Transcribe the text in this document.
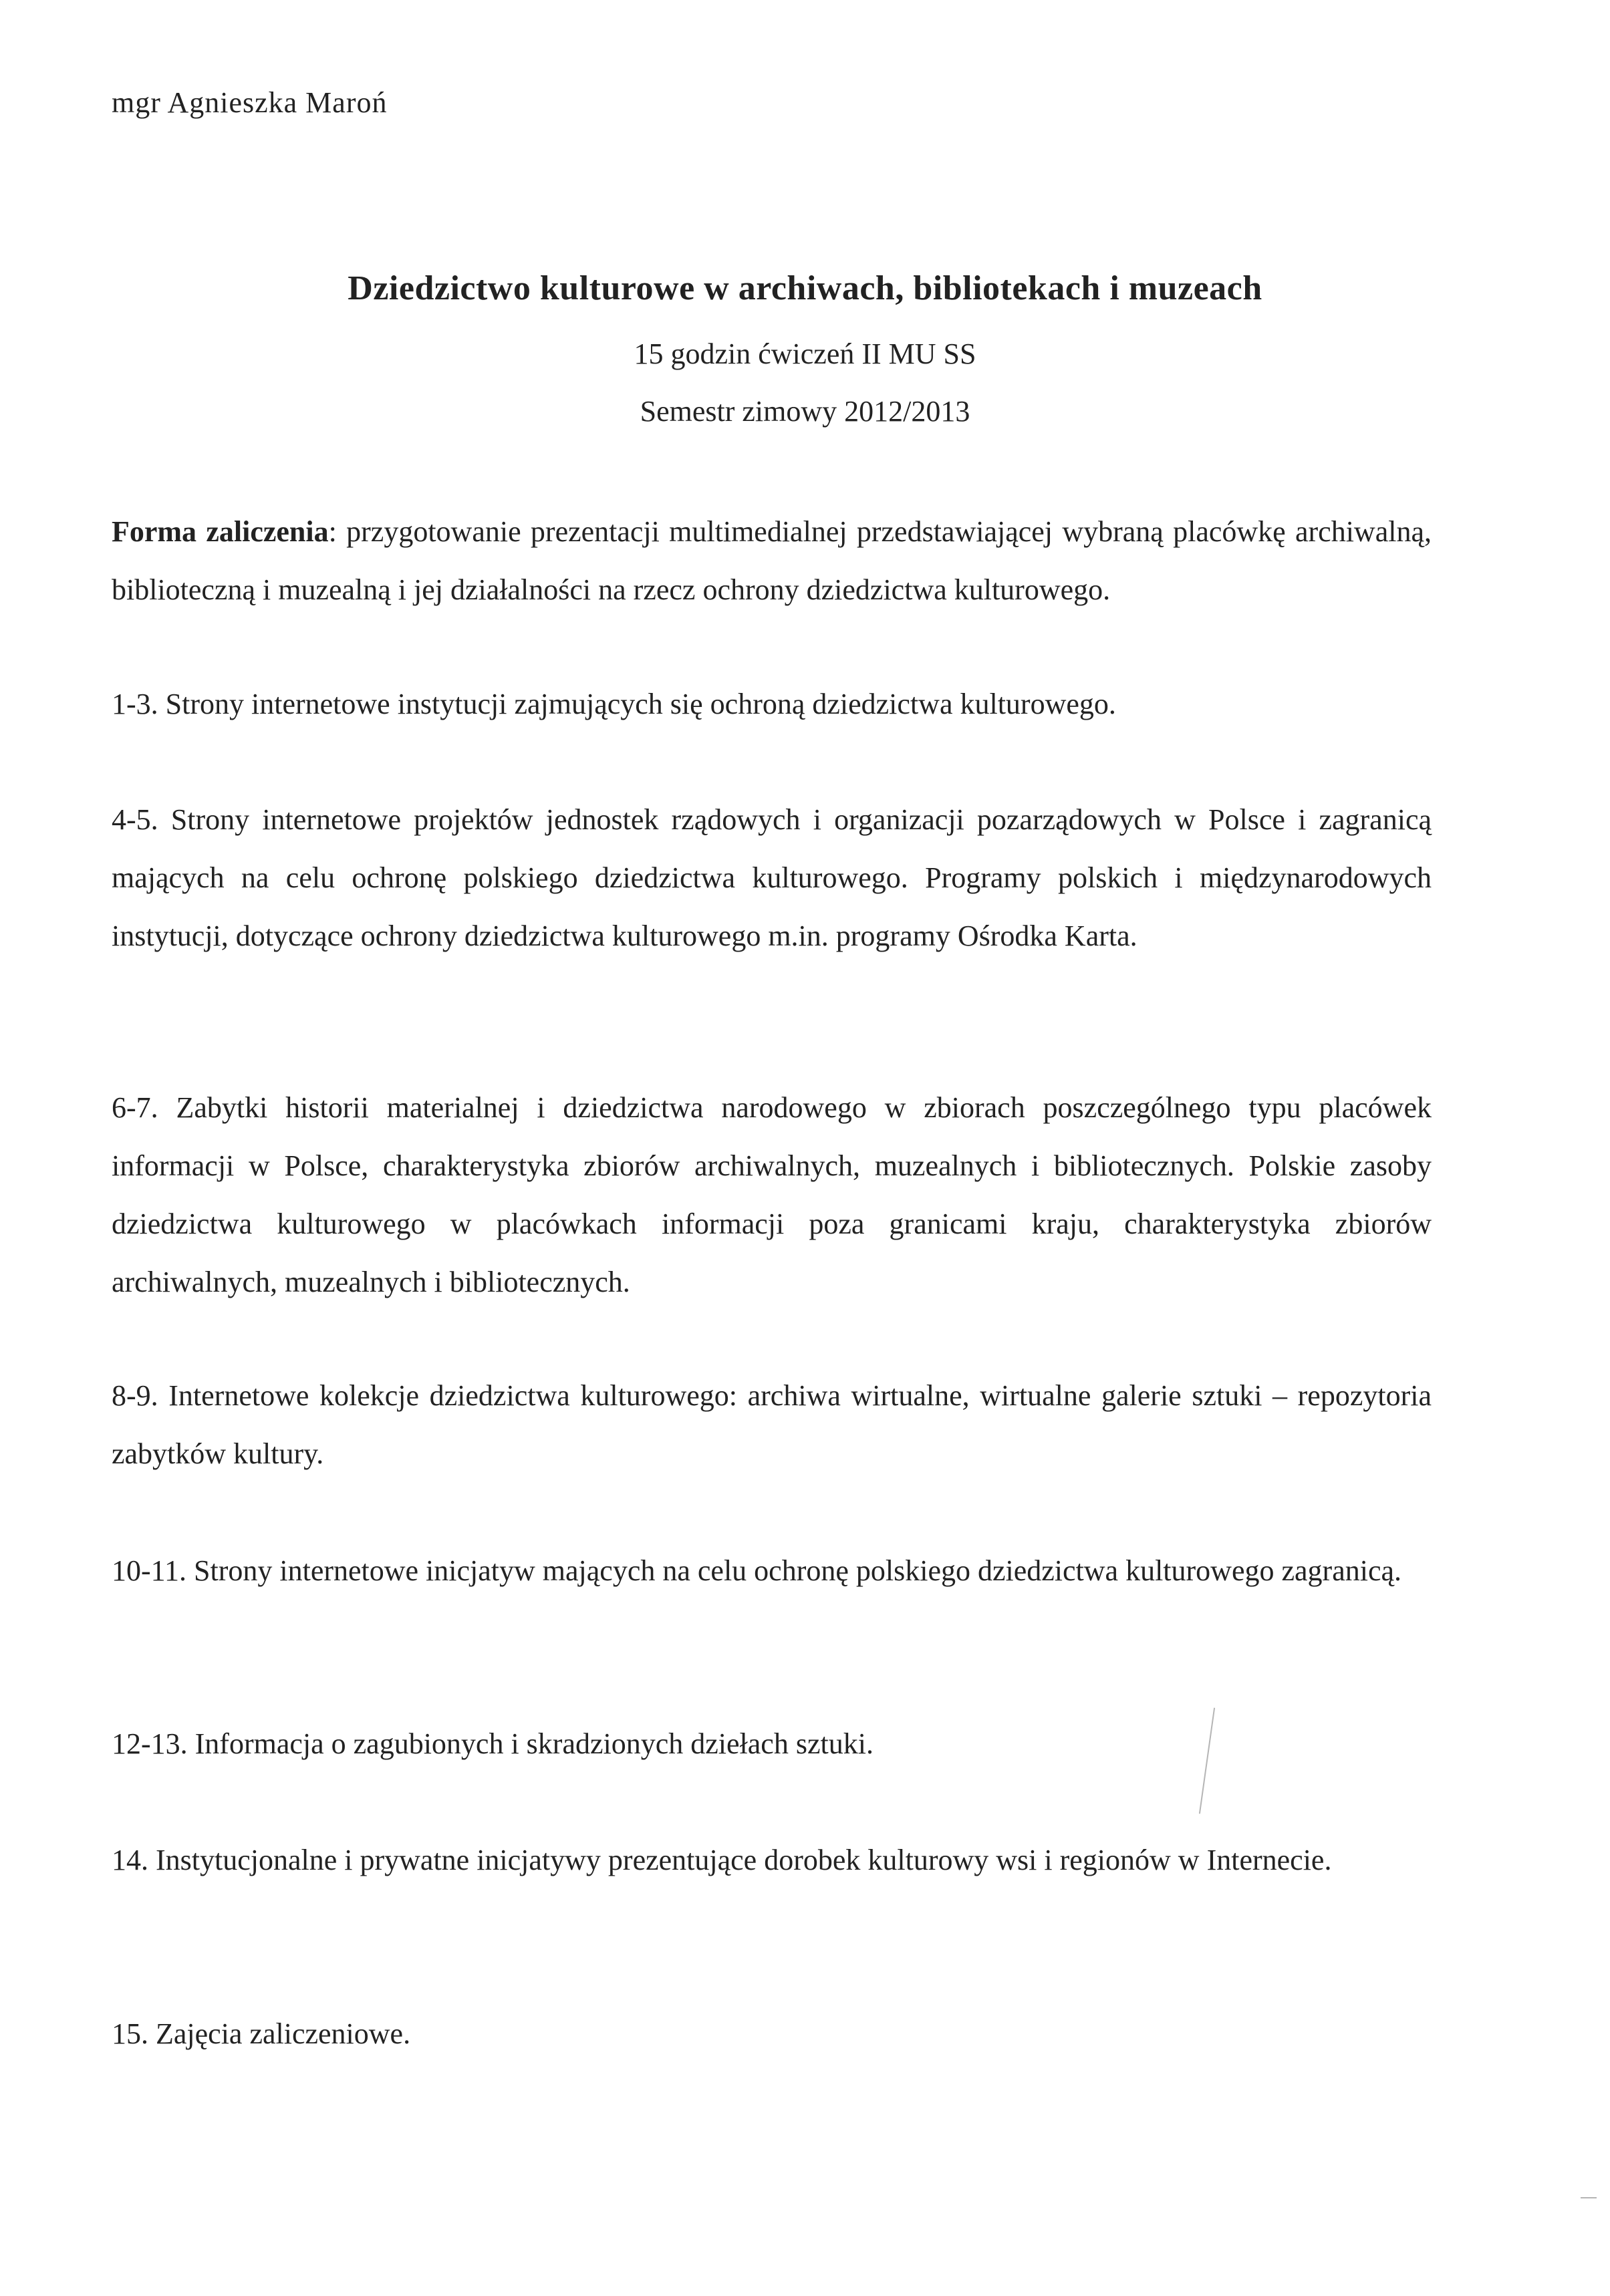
mgr Agnieszka Maroń
Dziedzictwo kulturowe w archiwach, bibliotekach i muzeach
15 godzin ćwiczeń II MU SS
Semestr zimowy 2012/2013
Forma zaliczenia: przygotowanie prezentacji multimedialnej przedstawiającej wybraną placówkę archiwalną, biblioteczną i muzealną i jej działalności na rzecz ochrony dziedzictwa kulturowego.
1-3. Strony internetowe instytucji zajmujących się ochroną dziedzictwa kulturowego.
4-5. Strony internetowe projektów jednostek rządowych i organizacji pozarządowych w Polsce i zagranicą mających na celu ochronę polskiego dziedzictwa kulturowego. Programy polskich i międzynarodowych instytucji, dotyczące ochrony dziedzictwa kulturowego m.in. programy Ośrodka Karta.
6-7. Zabytki historii materialnej i dziedzictwa narodowego w zbiorach poszczególnego typu placówek informacji w Polsce, charakterystyka zbiorów archiwalnych, muzealnych i bibliotecznych. Polskie zasoby dziedzictwa kulturowego w placówkach informacji poza granicami kraju, charakterystyka zbiorów archiwalnych, muzealnych i bibliotecznych.
8-9. Internetowe kolekcje dziedzictwa kulturowego: archiwa wirtualne, wirtualne galerie sztuki – repozytoria zabytków kultury.
10-11. Strony internetowe inicjatyw mających na celu ochronę polskiego dziedzictwa kulturowego zagranicą.
12-13. Informacja o zagubionych i skradzionych dziełach sztuki.
14. Instytucjonalne i prywatne inicjatywy prezentujące dorobek kulturowy wsi i regionów w Internecie.
15. Zajęcia zaliczeniowe.
